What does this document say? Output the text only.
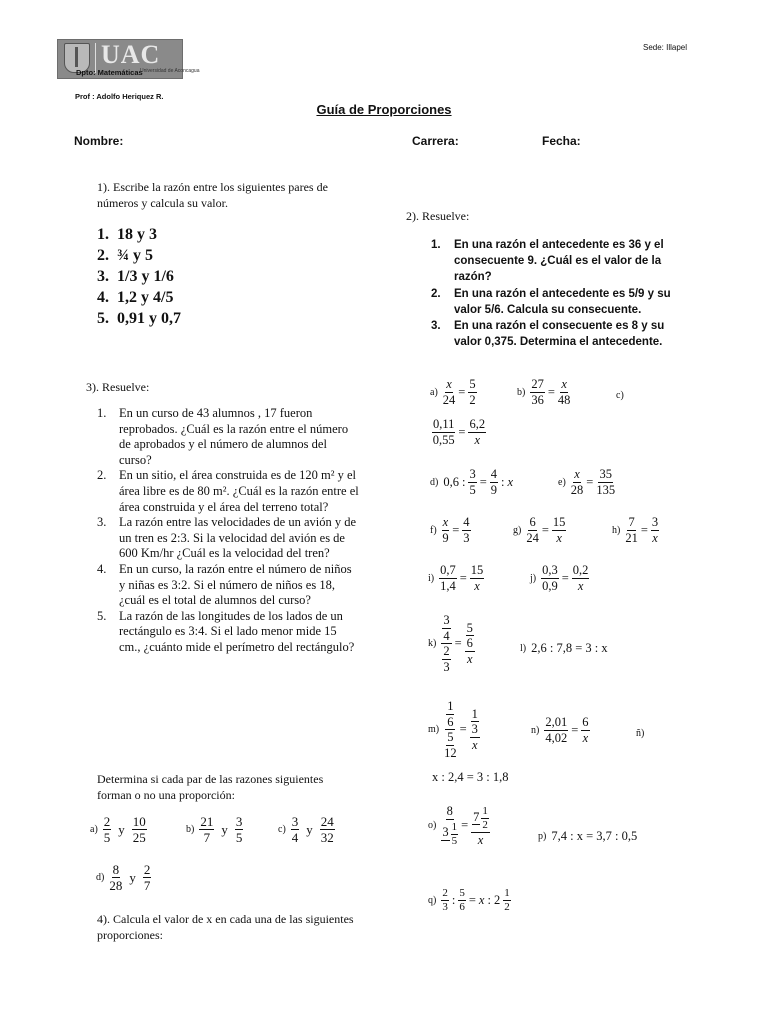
UAC
Universidad de Aconcagua
Dpto: Matemáticas
Sede: Illapel
Prof : Adolfo Heriquez R.
Guía de Proporciones
Nombre:	Carrera:	Fecha:
1). Escribe la razón entre los siguientes pares de números y calcula su valor.
1. 18 y 3
2. ¾ y 5
3. 1/3 y 1/6
4. 1,2 y 4/5
5. 0,91 y 0,7
2). Resuelve:
1. En una razón el antecedente es 36 y el consecuente 9. ¿Cuál es el valor de la razón?
2. En una razón el antecedente es 5/9 y su valor 5/6. Calcula su consecuente.
3. En una razón el consecuente es 8 y su valor 0,375. Determina el antecedente.
3). Resuelve:
1. En un curso de 43 alumnos , 17 fueron reprobados. ¿Cuál es la razón entre el número de aprobados y el número de alumnos del curso?
2. En un sitio, el área construida es de 120 m² y el área libre es de 80 m². ¿Cuál es la razón entre el área construida y el área del terreno total?
3. La razón entre las velocidades de un avión y de un tren es 2:3. Si la velocidad del avión es de 600 Km/hr ¿Cuál es la velocidad del tren?
4. En un curso, la razón entre el número de niños y niñas es 3:2. Si el número de niños es 18, ¿cuál es el total de alumnos del curso?
5. La razón de las longitudes de los lados de un rectángulo es 3:4. Si el lado menor mide 15 cm., ¿cuánto mide el perímetro del rectángulo?
Determina si cada par de las razones siguientes forman o no una proporción:
a)
2
5
y 10
25
b)
21
7
y 3
5
c)
3
4
y 24
32
d)
8
28
y 2
7
4). Calcula el valor de x en cada una de las siguientes proporciones:
$a) \frac{x}{24} = \frac{5}{2}$	$b) \frac{27}{36} = \frac{x}{48}$	c)
$\frac{0,11}{0,55} = \frac{6,2}{x}$
d) 0,6 : $\frac{3}{5} = \frac{4}{9}$ : x	$e) \frac{x}{28} = \frac{35}{135}$
$f) \frac{x}{9} = \frac{4}{3}$	$g) \frac{6}{24} = \frac{15}{x}$	$h) \frac{7}{21} = \frac{3}{x}$
$i) \frac{0,7}{1,4} = \frac{15}{x}$	$j) \frac{0,3}{0,9} = \frac{0,2}{x}$
k) 3
4
2
3 = 5
6
x	l) 2,6 : 7,8 = 3 : x
m) 1
6
5
12 = 1
3
x	$n) \frac{2,01}{4,02} = \frac{6}{x}$	ñ)
x : 2,4 = 3 : 1,8
o) 8
3 1
5 = 7 1
2
x	p) 7,4 : x = 3,7 : 0,5
q)
2
3 : $\frac{5}{6} = x$ : 2 1
2
